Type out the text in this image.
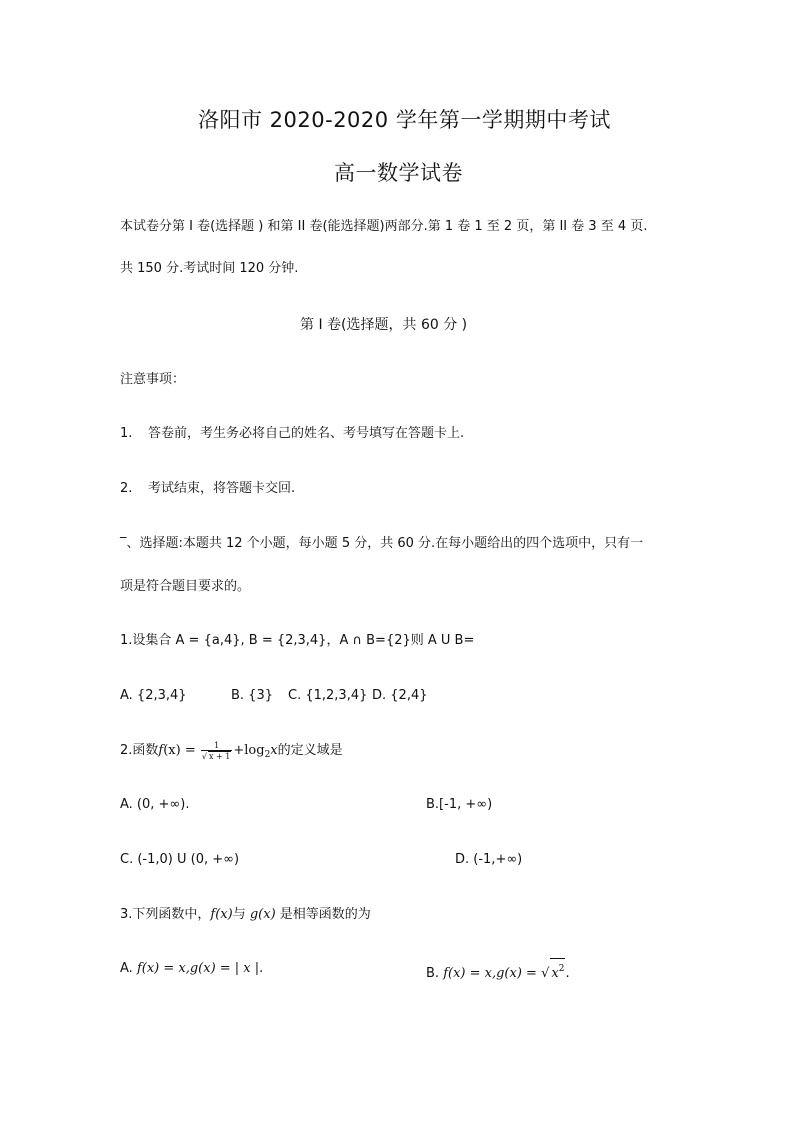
洛阳市 2020-2020 学年第一学期期中考试
高一数学试卷
本试卷分第 I 卷(选择题 ) 和第 II 卷(能选择题)两部分.第 1 卷 1 至 2 页，第 II 卷 3 至 4 页.
共 150 分.考试时间 120 分钟.
第 I 卷(选择题，共 60 分 )
注意事项：
1. 答卷前，考生务必将自己的姓名、考号填写在答题卡上.
2. 考试结束，将答题卡交回.
‾、选择题:本题共 12 个小题，每小题 5 分，共 60 分.在每小题给出的四个选项中，只有一
项是符合题目要求的。
1.设集合 A = {a,4}, B = {2,3,4}，A ∩ B={2}则 A U B=
A. {2,3,4}	B. {3} C. {1,2,3,4} D. {2,4}
2.函数$f(x) = \frac{1}{√ x + 1} +\log_2x$的定义域是
A. (0, +∞).	B.[-1, +∞)
C. (-1,0) U (0, +∞)	D. (-1,+∞)
3.下列函数中，f(x)与 g(x) 是相等函数的为
A. f(x) = x,g(x) = | x |.	B. f(x) = x,g(x) = √ $x^2$.
